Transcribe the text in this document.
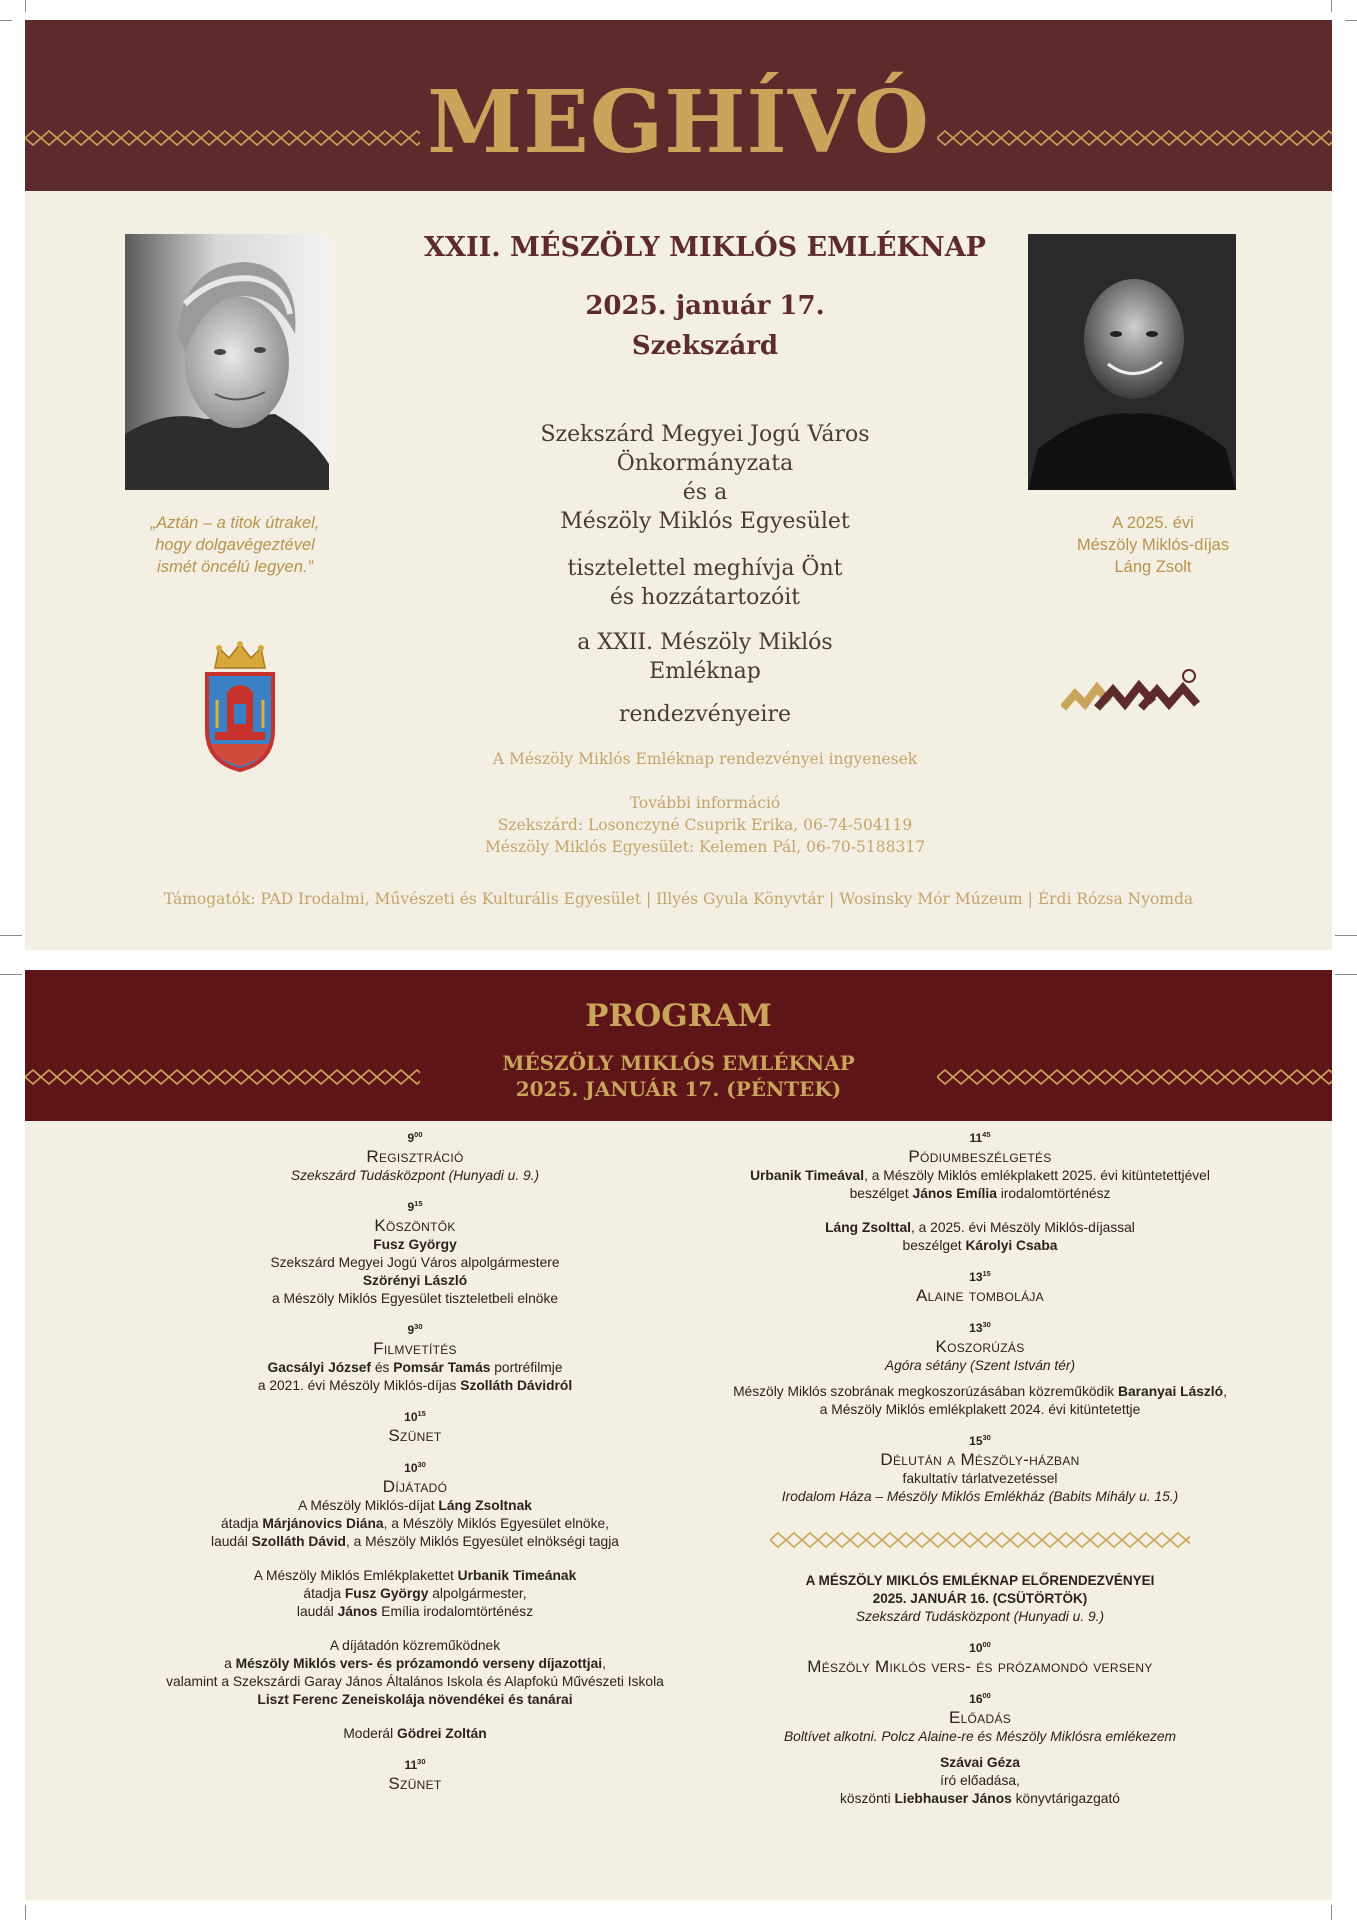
MEGHÍVÓ
XXII. MÉSZÖLY MIKLÓS EMLÉKNAP
2025. január 17.
Szekszárd
Szekszárd Megyei Jogú Város
Önkormányzata
és a
Mészöly Miklós Egyesület
tisztelettel meghívja Önt
és hozzátartozóit
a XXII. Mészöly Miklós
Emléknap
rendezvényeire
A Mészöly Miklós Emléknap rendezvényei ingyenesek
További információ
Szekszárd: Losonczyné Csuprik Erika, 06-74-504119
Mészöly Miklós Egyesület: Kelemen Pál, 06-70-5188317
Támogatók: PAD Irodalmi, Művészeti és Kulturális Egyesület | Illyés Gyula Könyvtár | Wosinsky Mór Múzeum | Érdi Rózsa Nyomda
„Aztán – a titok útrakel,
hogy dolgavégeztével
ismét öncélú legyen.”
A 2025. évi
Mészöly Miklós-díjas
Láng Zsolt
PROGRAM
MÉSZÖLY MIKLÓS EMLÉKNAP
2025. JANUÁR 17. (PÉNTEK)
$9^{00}$
Regisztráció
Szekszárd Tudásközpont (Hunyadi u. 9.)
$9^{15}$
Köszöntők
Fusz György
Szekszárd Megyei Jogú Város alpolgármestere
Szörényi László
a Mészöly Miklós Egyesület tiszteletbeli elnöke
$9^{30}$
Filmvetítés
Gacsályi József és Pomsár Tamás portréfilmje
a 2021. évi Mészöly Miklós-díjas Szolláth Dávidról
$10^{15}$
Szünet
$10^{30}$
Díjátadó
A Mészöly Miklós-díjat Láng Zsoltnak
átadja Márjánovics Diána, a Mészöly Miklós Egyesület elnöke,
laudál Szolláth Dávid, a Mészöly Miklós Egyesület elnökségi tagja
A Mészöly Miklós Emlékplakettet Urbanik Timeának
átadja Fusz György alpolgármester,
laudál János Emília irodalomtörténész
A díjátadón közreműködnek
a Mészöly Miklós vers- és prózamondó verseny díjazottjai,
valamint a Szekszárdi Garay János Általános Iskola és Alapfokú Művészeti Iskola
Liszt Ferenc Zeneiskolája növendékei és tanárai
Moderál Gödrei Zoltán
$11^{30}$
Szünet
$11^{45}$
Pódiumbeszélgetés
Urbanik Timeával, a Mészöly Miklós emlékplakett 2025. évi kitüntetettjével
beszélget János Emília irodalomtörténész
Láng Zsolttal, a 2025. évi Mészöly Miklós-díjassal
beszélget Károlyi Csaba
$13^{15}$
Alaine tombolája
$13^{30}$
Koszorúzás
Agóra sétány (Szent István tér)
Mészöly Miklós szobrának megkoszorúzásában közreműködik Baranyai László,
a Mészöly Miklós emlékplakett 2024. évi kitüntetettje
$15^{30}$
Délután a Mészöly-házban
fakultatív tárlatvezetéssel
Irodalom Háza – Mészöly Miklós Emlékház (Babits Mihály u. 15.)
A MÉSZÖLY MIKLÓS EMLÉKNAP ELŐRENDEZVÉNYEI
2025. JANUÁR 16. (CSÜTÖRTÖK)
Szekszárd Tudásközpont (Hunyadi u. 9.)
$10^{00}$
Mészöly Miklós vers- és prózamondó verseny
$16^{00}$
Előadás
Boltívet alkotni. Polcz Alaine-re és Mészöly Miklósra emlékezem
Szávai Géza
író előadása,
köszönti Liebhauser János könyvtárigazgató
